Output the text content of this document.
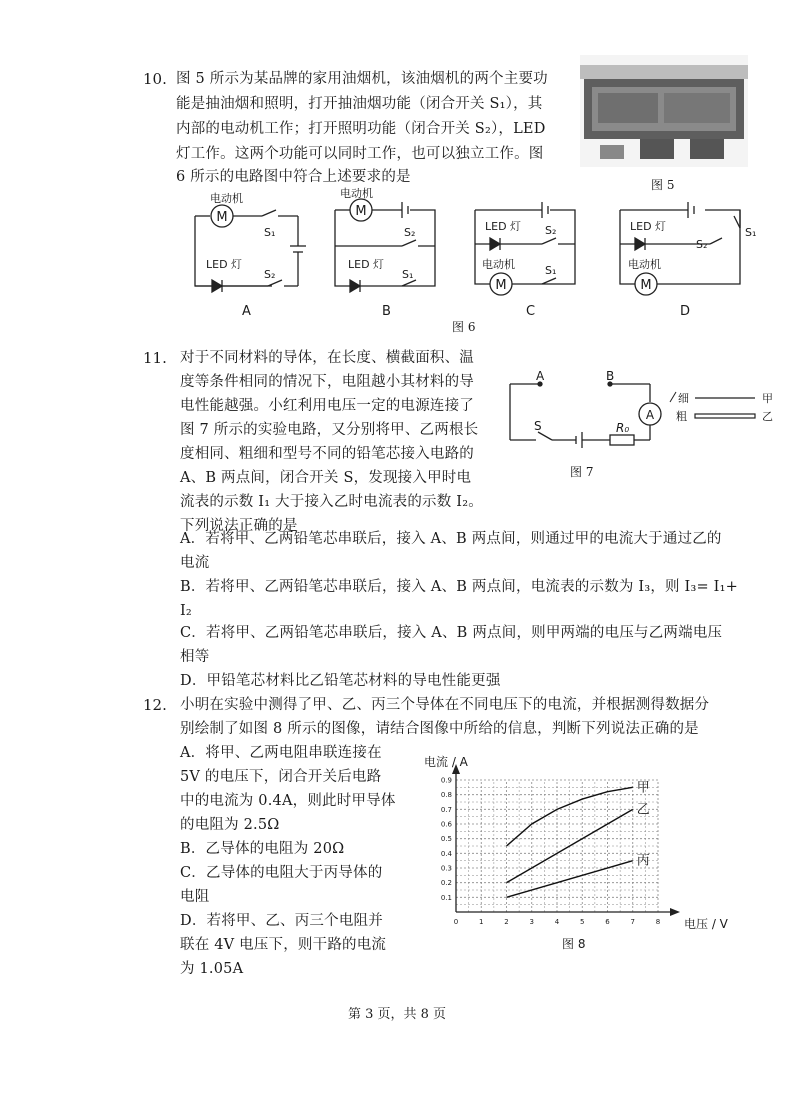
10. 图 5 所示为某品牌的家用油烟机，该油烟机的两个主要功
能是抽油烟和照明，打开抽油烟功能（闭合开关 S₁），其
内部的电动机工作；打开照明功能（闭合开关 S₂），LED
灯工作。这两个功能可以同时工作，也可以独立工作。图
6 所示的电路图中符合上述要求的是	图 5
M
电动机
S₁
LED 灯
S₂
A
M
电动机
S₂
LED 灯
S₁
B
M
LED 灯 S₂
电动机	S₁
C
M
LED 灯
S₂
S₁
电动机
D
图 6
11. 对于不同材料的导体，在长度、横截面积、温
度等条件相同的情况下，电阻越小其材料的导
电性能越强。小红利用电压一定的电源连接了
图 7 所示的实验电路，又分别将甲、乙两根长
度相同、粗细和型号不同的铅笔芯接入电路的
A、B 两点间，闭合开关 S，发现接入甲时电
流表的示数 I₁ 大于接入乙时电流表的示数 I₂。
下列说法正确的是
A	B
A
S	R₀
细
粗
甲
乙
图 7
A．若将甲、乙两铅笔芯串联后，接入 A、B 两点间，则通过甲的电流大于通过乙的
电流
B．若将甲、乙两铅笔芯串联后，接入 A、B 两点间，电流表的示数为 I₃，则 I₃= I₁+
I₂
C．若将甲、乙两铅笔芯串联后，接入 A、B 两点间，则甲两端的电压与乙两端电压
相等
D．甲铅笔芯材料比乙铅笔芯材料的导电性能更强
12. 小明在实验中测得了甲、乙、丙三个导体在不同电压下的电流，并根据测得数据分
别绘制了如图 8 所示的图像，请结合图像中所给的信息，判断下列说法正确的是
A．将甲、乙两电阻串联连接在
5V 的电压下，闭合开关后电路
中的电流为 0.4A，则此时甲导体
的电阻为 2.5Ω
B．乙导体的电阻为 20Ω
C．乙导体的电阻大于丙导体的
电阻
D．若将甲、乙、丙三个电阻并
联在 4V 电压下，则干路的电流
为 1.05A
0	1	2	3	4	5	6	7	8
0.1
0.2
0.3
0.4
0.5
0.6
0.7
0.8
0.9	甲
乙
丙
电流 / A
电压 / V
图 8
第 3 页，共 8 页
